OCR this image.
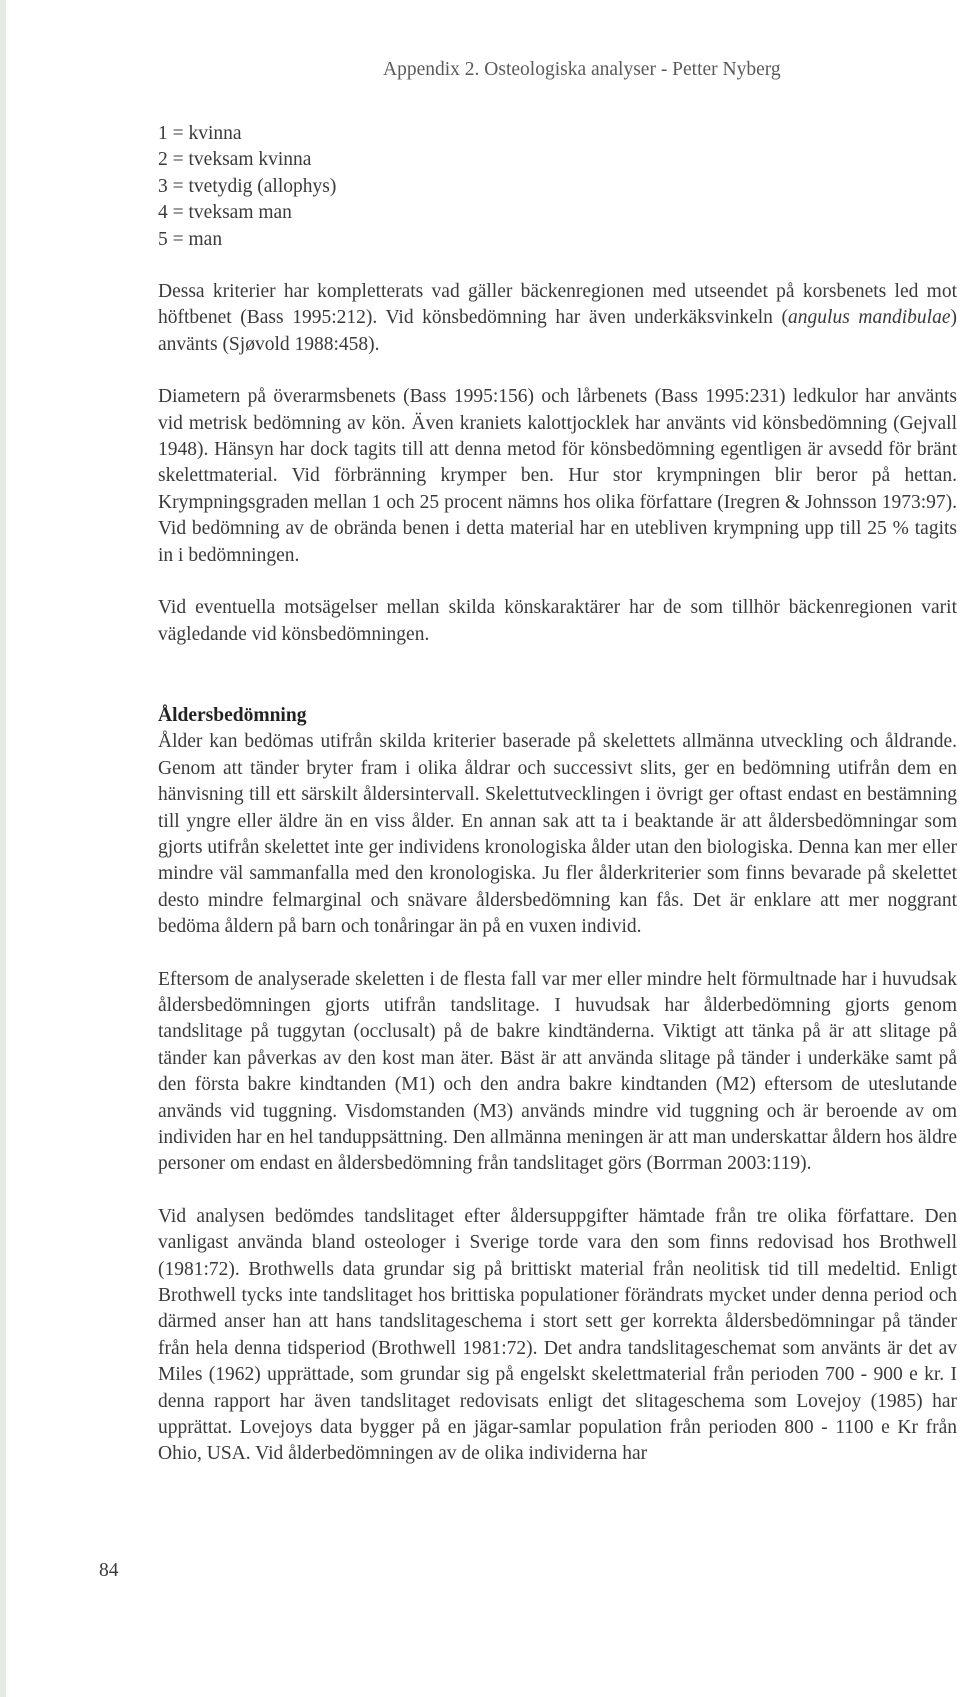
Appendix 2. Osteologiska analyser - Petter Nyberg
1 = kvinna
2 = tveksam kvinna
3 = tvetydig (allophys)
4 = tveksam man
5 = man

Dessa kriterier har kompletterats vad gäller bäckenregionen med utseendet på korsbenets led mot höftbenet (Bass 1995:212). Vid könsbedömning har även underkäksvinkeln (angulus mandibulae) använts (Sjøvold 1988:458).

Diametern på överarmsbenets (Bass 1995:156) och lårbenets (Bass 1995:231) ledkulor har använts vid metrisk bedömning av kön. Även kraniets kalottjocklek har använts vid könsbedömning (Gejvall 1948). Hänsyn har dock tagits till att denna metod för könsbedömning egentligen är avsedd för bränt skelettmaterial. Vid förbränning krymper ben. Hur stor krympningen blir beror på hettan. Krympningsgraden mellan 1 och 25 procent nämns hos olika författare (Iregren & Johnsson 1973:97). Vid bedömning av de obrända benen i detta material har en utebliven krympning upp till 25 % tagits in i bedömningen.

Vid eventuella motsägelser mellan skilda könskaraktärer har de som tillhör bäckenregionen varit vägledande vid könsbedömningen.

Åldersbedömning

Ålder kan bedömas utifrån skilda kriterier baserade på skelettets allmänna utveckling och åldrande. Genom att tänder bryter fram i olika åldrar och successivt slits, ger en bedömning utifrån dem en hänvisning till ett särskilt åldersintervall. Skelettutvecklingen i övrigt ger oftast endast en bestämning till yngre eller äldre än en viss ålder. En annan sak att ta i beaktande är att åldersbedömningar som gjorts utifrån skelettet inte ger individens kronologiska ålder utan den biologiska. Denna kan mer eller mindre väl sammanfalla med den kronologiska. Ju fler ålderkriterier som finns bevarade på skelettet desto mindre felmarginal och snävare åldersbedömning kan fås. Det är enklare att mer noggrant bedöma åldern på barn och tonåringar än på en vuxen individ.

Eftersom de analyserade skeletten i de flesta fall var mer eller mindre helt förmultnade har i huvudsak åldersbedömningen gjorts utifrån tandslitage. I huvudsak har ålderbedömning gjorts genom tandslitage på tuggytan (occlusalt) på de bakre kindtänderna. Viktigt att tänka på är att slitage på tänder kan påverkas av den kost man äter. Bäst är att använda slitage på tänder i underkäke samt på den första bakre kindtanden (M1) och den andra bakre kindtanden (M2) eftersom de uteslutande används vid tuggning. Visdomstanden (M3) används mindre vid tuggning och är beroende av om individen har en hel tanduppsättning. Den allmänna meningen är att man underskattar åldern hos äldre personer om endast en åldersbedömning från tandslitaget görs (Borrman 2003:119).

Vid analysen bedömdes tandslitaget efter åldersuppgifter hämtade från tre olika författare. Den vanligast använda bland osteologer i Sverige torde vara den som finns redovisad hos Brothwell (1981:72). Brothwells data grundar sig på brittiskt material från neolitisk tid till medeltid. Enligt Brothwell tycks inte tandslitaget hos brittiska populationer förändrats mycket under denna period och därmed anser han att hans tandslitageschema i stort sett ger korrekta åldersbedömningar på tänder från hela denna tidsperiod (Brothwell 1981:72). Det andra tandslitageschemat som använts är det av Miles (1962) upprättade, som grundar sig på engelskt skelettmaterial från perioden 700 - 900 e kr. I denna rapport har även tandslitaget redovisats enligt det slitageschema som Lovejoy (1985) har upprättat. Lovejoys data bygger på en jägar-samlar population från perioden 800 - 1100 e Kr från Ohio, USA. Vid ålderbedömningen av de olika individerna har

84
